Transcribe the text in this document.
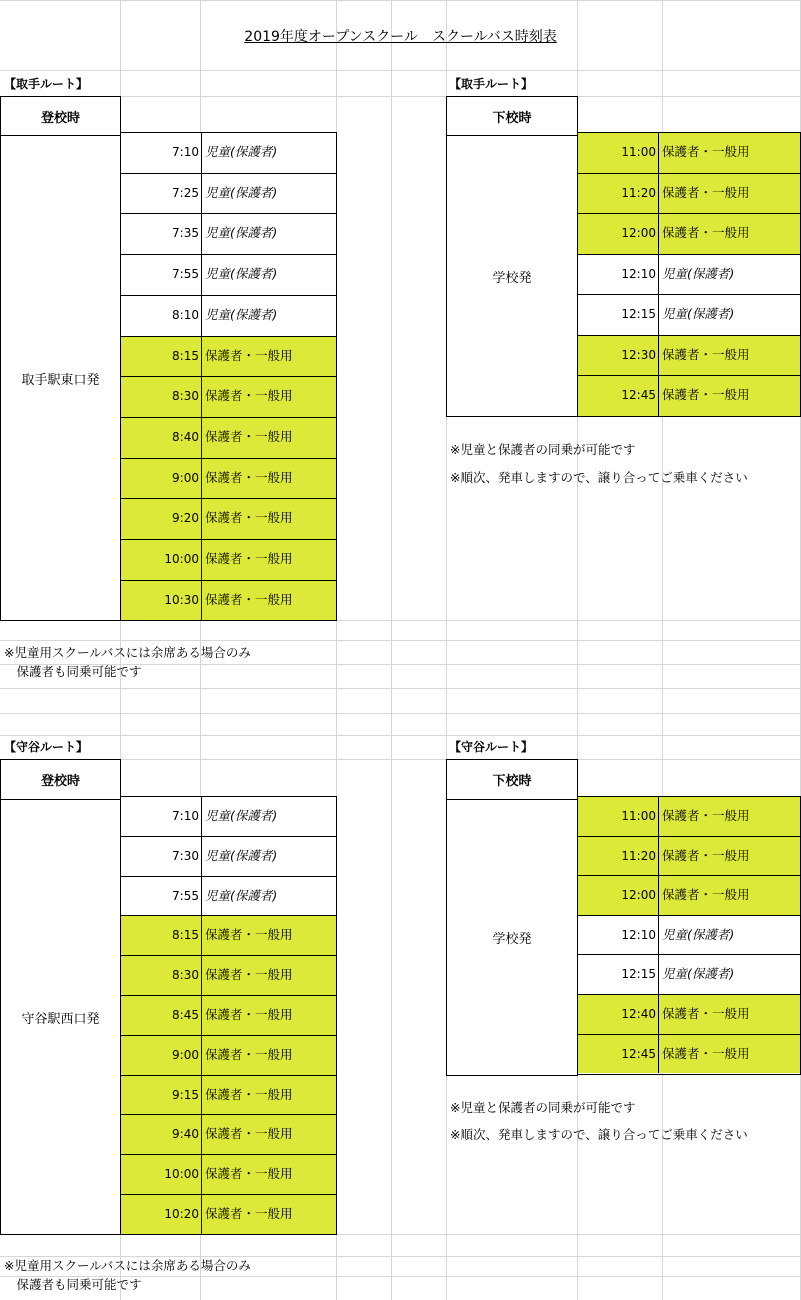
2019年度オープンスクール　スクールバス時刻表
【取手ルート】
登校時
取手駅東口発
7:10 児童(保護者)
7:25 児童(保護者)
7:35 児童(保護者)
7:55 児童(保護者)
8:10 児童(保護者)
8:15 保護者・一般用
8:30 保護者・一般用
8:40 保護者・一般用
9:00 保護者・一般用
9:20 保護者・一般用
10:00 保護者・一般用
10:30 保護者・一般用
※児童用スクールバスには余席ある場合のみ
　保護者も同乗可能です
【取手ルート】
下校時
学校発
11:00 保護者・一般用
11:20 保護者・一般用
12:00 保護者・一般用
12:10 児童(保護者)
12:15 児童(保護者)
12:30 保護者・一般用
12:45 保護者・一般用
※児童と保護者の同乗が可能です
※順次、発車しますので、譲り合ってご乗車ください
【守谷ルート】
登校時
守谷駅西口発
7:10 児童(保護者)
7:30 児童(保護者)
7:55 児童(保護者)
8:15 保護者・一般用
8:30 保護者・一般用
8:45 保護者・一般用
9:00 保護者・一般用
9:15 保護者・一般用
9:40 保護者・一般用
10:00 保護者・一般用
10:20 保護者・一般用
※児童用スクールバスには余席ある場合のみ
　保護者も同乗可能です
【守谷ルート】
下校時
学校発
11:00 保護者・一般用
11:20 保護者・一般用
12:00 保護者・一般用
12:10 児童(保護者)
12:15 児童(保護者)
12:40 保護者・一般用
12:45 保護者・一般用
※児童と保護者の同乗が可能です
※順次、発車しますので、譲り合ってご乗車ください
